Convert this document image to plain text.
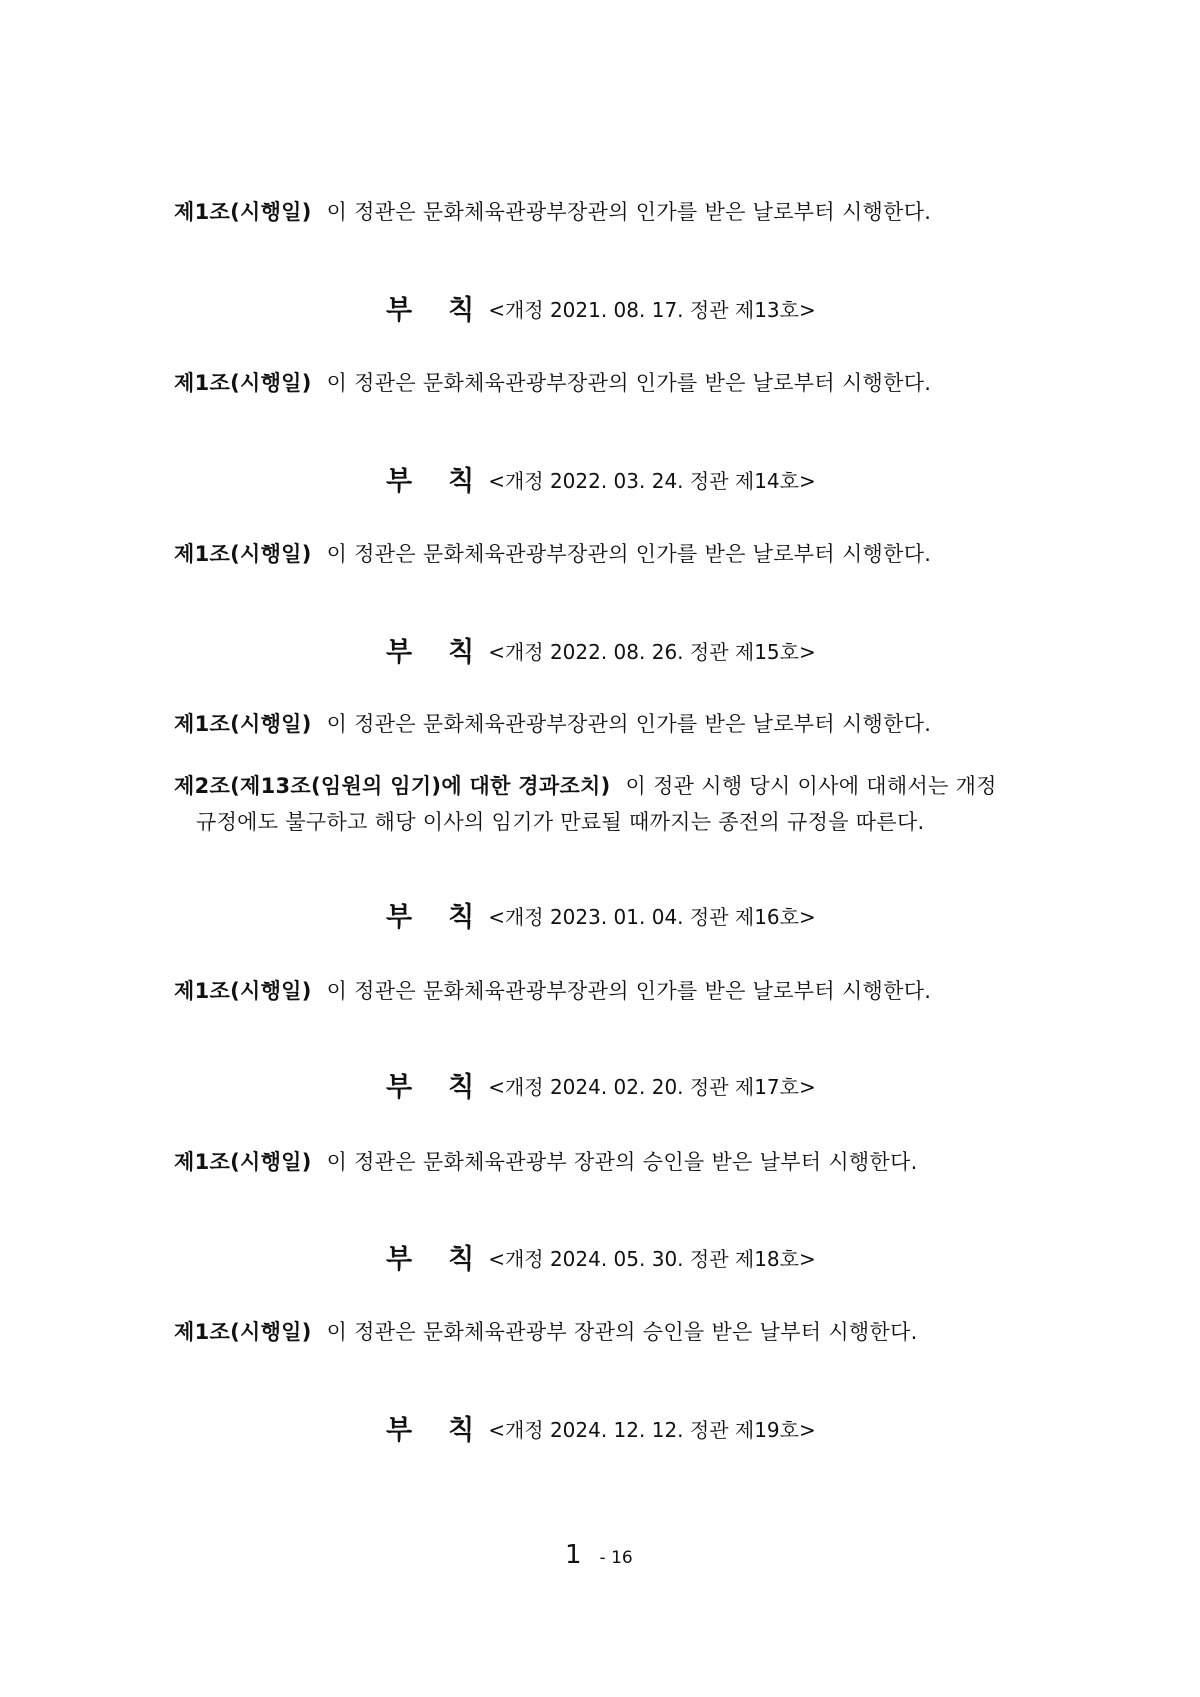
제1조(시행일) 이 정관은 문화체육관광부장관의 인가를 받은 날로부터 시행한다.
부 칙 <개정 2021. 08. 17. 정관 제13호>
제1조(시행일) 이 정관은 문화체육관광부장관의 인가를 받은 날로부터 시행한다.
부 칙 <개정 2022. 03. 24. 정관 제14호>
제1조(시행일) 이 정관은 문화체육관광부장관의 인가를 받은 날로부터 시행한다.
부 칙 <개정 2022. 08. 26. 정관 제15호>
제1조(시행일) 이 정관은 문화체육관광부장관의 인가를 받은 날로부터 시행한다.
제2조(제13조(임원의 임기)에 대한 경과조치) 이 정관 시행 당시 이사에 대해서는 개정
규정에도 불구하고 해당 이사의 임기가 만료될 때까지는 종전의 규정을 따른다.
부 칙 <개정 2023. 01. 04. 정관 제16호>
제1조(시행일) 이 정관은 문화체육관광부장관의 인가를 받은 날로부터 시행한다.
부 칙 <개정 2024. 02. 20. 정관 제17호>
제1조(시행일) 이 정관은 문화체육관광부 장관의 승인을 받은 날부터 시행한다.
부 칙 <개정 2024. 05. 30. 정관 제18호>
제1조(시행일) 이 정관은 문화체육관광부 장관의 승인을 받은 날부터 시행한다.
부 칙 <개정 2024. 12. 12. 정관 제19호>
1 - 16
